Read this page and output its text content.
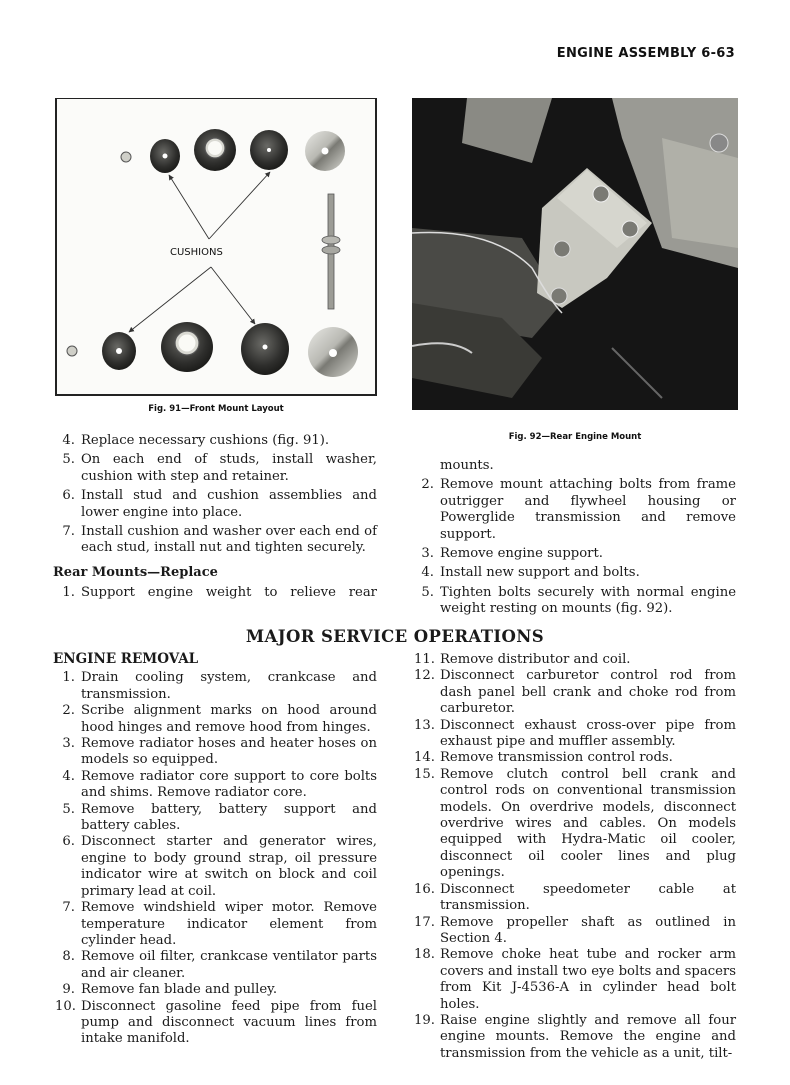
ENGINE ASSEMBLY 6-63
CUSHIONS
Fig. 91—Front Mount Layout
Fig. 92—Rear Engine Mount
4. Replace necessary cushions (fig. 91).
5. On each end of studs, install washer, cushion with step and retainer.
6. Install stud and cushion assemblies and lower engine into place.
7. Install cushion and washer over each end of each stud, install nut and tighten securely.
Rear Mounts—Replace
1. Support engine weight to relieve rear
mounts.
2. Remove mount attaching bolts from frame outrigger and flywheel housing or Powerglide transmission and remove support.
3. Remove engine support.
4. Install new support and bolts.
5. Tighten bolts securely with normal engine weight resting on mounts (fig. 92).
MAJOR SERVICE OPERATIONS
ENGINE REMOVAL
1. Drain cooling system, crankcase and transmission.
2. Scribe alignment marks on hood around hood hinges and remove hood from hinges.
3. Remove radiator hoses and heater hoses on models so equipped.
4. Remove radiator core support to core bolts and shims. Remove radiator core.
5. Remove battery, battery support and battery cables.
6. Disconnect starter and generator wires, engine to body ground strap, oil pressure indicator wire at switch on block and coil primary lead at coil.
7. Remove windshield wiper motor. Remove temperature indicator element from cylinder head.
8. Remove oil filter, crankcase ventilator parts and air cleaner.
9. Remove fan blade and pulley.
10. Disconnect gasoline feed pipe from fuel pump and disconnect vacuum lines from intake manifold.
11. Remove distributor and coil.
12. Disconnect carburetor control rod from dash panel bell crank and choke rod from carburetor.
13. Disconnect exhaust cross-over pipe from exhaust pipe and muffler assembly.
14. Remove transmission control rods.
15. Remove clutch control bell crank and control rods on conventional transmission models. On overdrive models, disconnect overdrive wires and cables. On models equipped with Hydra-Matic oil cooler, disconnect oil cooler lines and plug openings.
16. Disconnect speedometer cable at transmission.
17. Remove propeller shaft as outlined in Section 4.
18. Remove choke heat tube and rocker arm covers and install two eye bolts and spacers from Kit J-4536-A in cylinder head bolt holes.
19. Raise engine slightly and remove all four engine mounts. Remove the engine and transmission from the vehicle as a unit, tilt-
